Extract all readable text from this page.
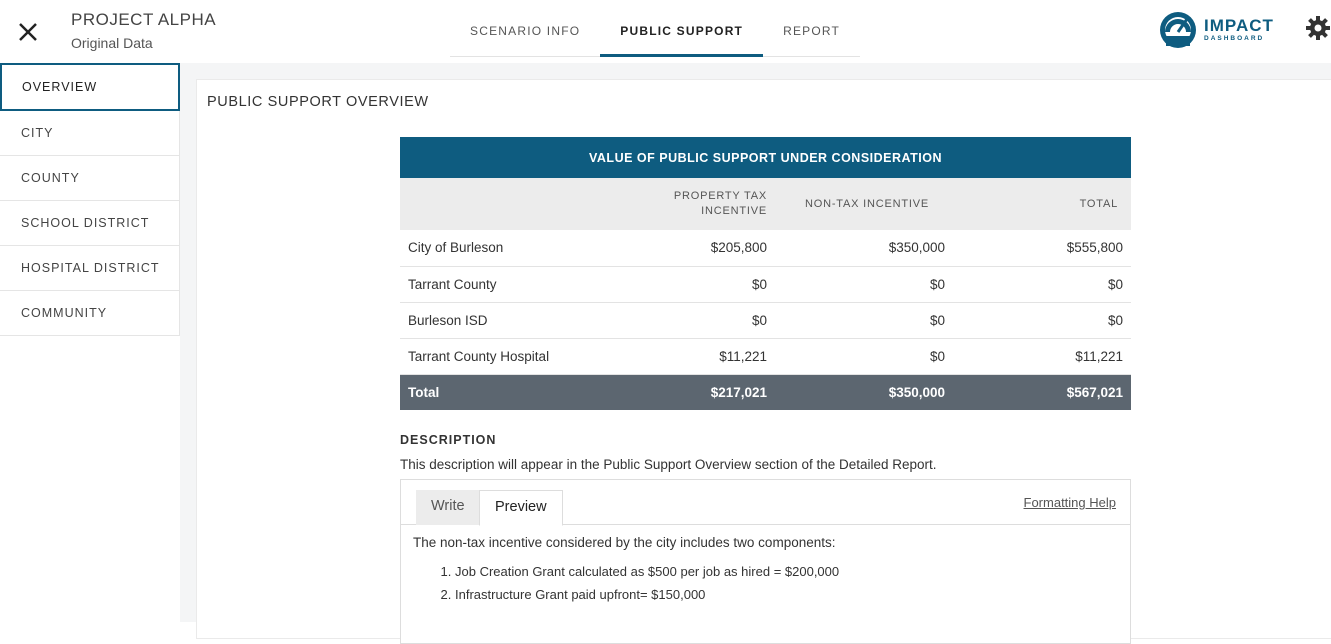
PROJECT ALPHA
Original Data
SCENARIO INFO	PUBLIC SUPPORT	REPORT	IMPACT
DASHBOARD
OVERVIEW
CITY
COUNTY
SCHOOL DISTRICT
HOSPITAL DISTRICT
COMMUNITY
PUBLIC SUPPORT OVERVIEW
VALUE OF PUBLIC SUPPORT UNDER CONSIDERATION			
	PROPERTY TAX INCENTIVE	NON-TAX INCENTIVE	TOTAL
City of Burleson	$205,800	$350,000	$555,800
Tarrant County	$0	$0	$0
Burleson ISD	$0	$0	$0
Tarrant County Hospital	$11,221	$0	$11,221
Total	$217,021	$350,000	$567,021
DESCRIPTION
This description will appear in the Public Support Overview section of the Detailed Report.
Write	Preview	Formatting Help
The non-tax incentive considered by the city includes two components:
1. Job Creation Grant calculated as $500 per job as hired = $200,000
2. Infrastructure Grant paid upfront= $150,000
